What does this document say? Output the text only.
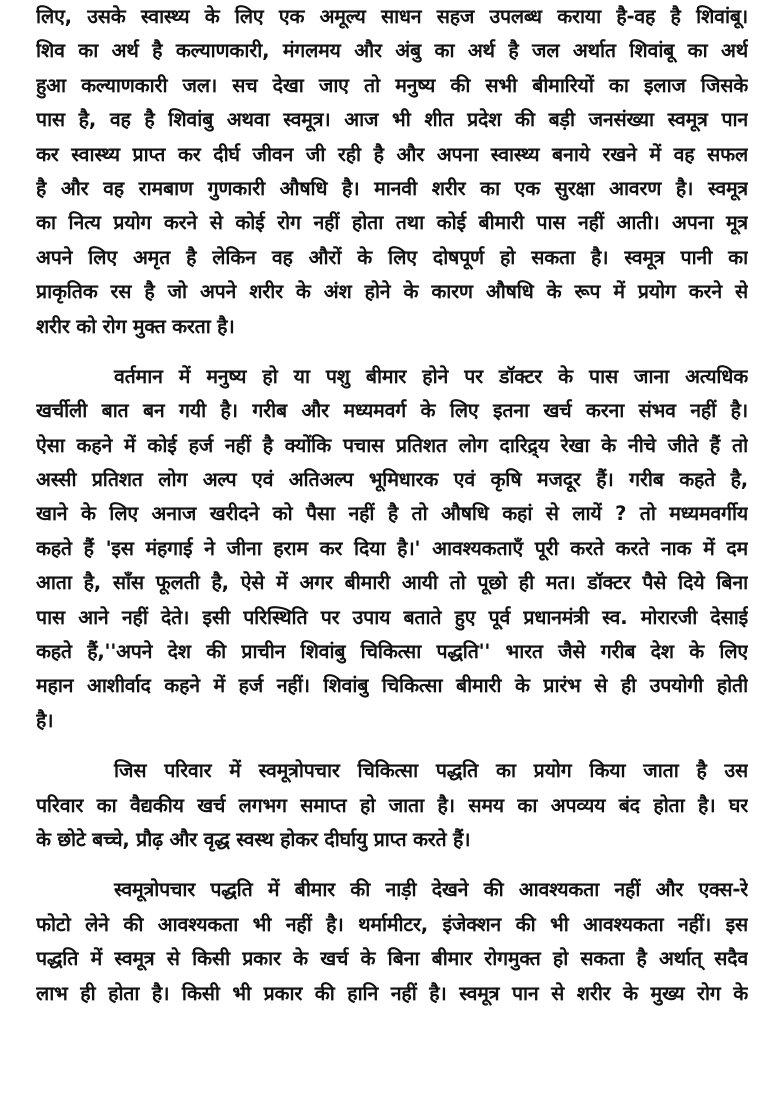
लिए, उसके स्वास्थ्य के लिए एक अमूल्य साधन सहज उपलब्ध कराया है-वह है शिवांबू।
शिव का अर्थ है कल्याणकारी, मंगलमय और अंबु का अर्थ है जल अर्थात शिवांबू का अर्थ
हुआ कल्याणकारी जल। सच देखा जाए तो मनुष्य की सभी बीमारियों का इलाज जिसके
पास है, वह है शिवांबु अथवा स्वमूत्र। आज भी शीत प्रदेश की बड़ी जनसंख्या स्वमूत्र पान
कर स्वास्थ्य प्राप्त कर दीर्घ जीवन जी रही है और अपना स्वास्थ्य बनाये रखने में वह सफल
है और वह रामबाण गुणकारी औषधि है। मानवी शरीर का एक सुरक्षा आवरण है। स्वमूत्र
का नित्य प्रयोग करने से कोई रोग नहीं होता तथा कोई बीमारी पास नहीं आती। अपना मूत्र
अपने लिए अमृत है लेकिन वह औरों के लिए दोषपूर्ण हो सकता है। स्वमूत्र पानी का
प्राकृतिक रस है जो अपने शरीर के अंश होने के कारण औषधि के रूप में प्रयोग करने से
शरीर को रोग मुक्त करता है।
वर्तमान में मनुष्य हो या पशु बीमार होने पर डॉक्टर के पास जाना अत्यधिक
खर्चीली बात बन गयी है। गरीब और मध्यमवर्ग के लिए इतना खर्च करना संभव नहीं है।
ऐसा कहने में कोई हर्ज नहीं है क्योंकि पचास प्रतिशत लोग दारिद्र्य रेखा के नीचे जीते हैं तो
अस्सी प्रतिशत लोग अल्प एवं अतिअल्प भूमिधारक एवं कृषि मजदूर हैं। गरीब कहते है,
खाने के लिए अनाज खरीदने को पैसा नहीं है तो औषधि कहां से लायें ? तो मध्यमवर्गीय
कहते हैं 'इस मंहगाई ने जीना हराम कर दिया है।' आवश्यकताएँ पूरी करते करते नाक में दम
आता है, साँस फूलती है, ऐसे में अगर बीमारी आयी तो पूछो ही मत। डॉक्टर पैसे दिये बिना
पास आने नहीं देते। इसी परिस्थिति पर उपाय बताते हुए पूर्व प्रधानमंत्री स्व. मोरारजी देसाई
कहते हैं,''अपने देश की प्राचीन शिवांबु चिकित्सा पद्धति'' भारत जैसे गरीब देश के लिए
महान आशीर्वाद कहने में हर्ज नहीं। शिवांबु चिकित्सा बीमारी के प्रारंभ से ही उपयोगी होती
है।
जिस परिवार में स्वमूत्रोपचार चिकित्सा पद्धति का प्रयोग किया जाता है उस
परिवार का वैद्यकीय खर्च लगभग समाप्त हो जाता है। समय का अपव्यय बंद होता है। घर
के छोटे बच्चे, प्रौढ़ और वृद्ध स्वस्थ होकर दीर्घायु प्राप्त करते हैं।
स्वमूत्रोपचार पद्धति में बीमार की नाड़ी देखने की आवश्यकता नहीं और एक्स-रे
फोटो लेने की आवश्यकता भी नहीं है। थर्मामीटर, इंजेक्शन की भी आवश्यकता नहीं। इस
पद्धति में स्वमूत्र से किसी प्रकार के खर्च के बिना बीमार रोगमुक्त हो सकता है अर्थात् सदैव
लाभ ही होता है। किसी भी प्रकार की हानि नहीं है। स्वमूत्र पान से शरीर के मुख्य रोग के
